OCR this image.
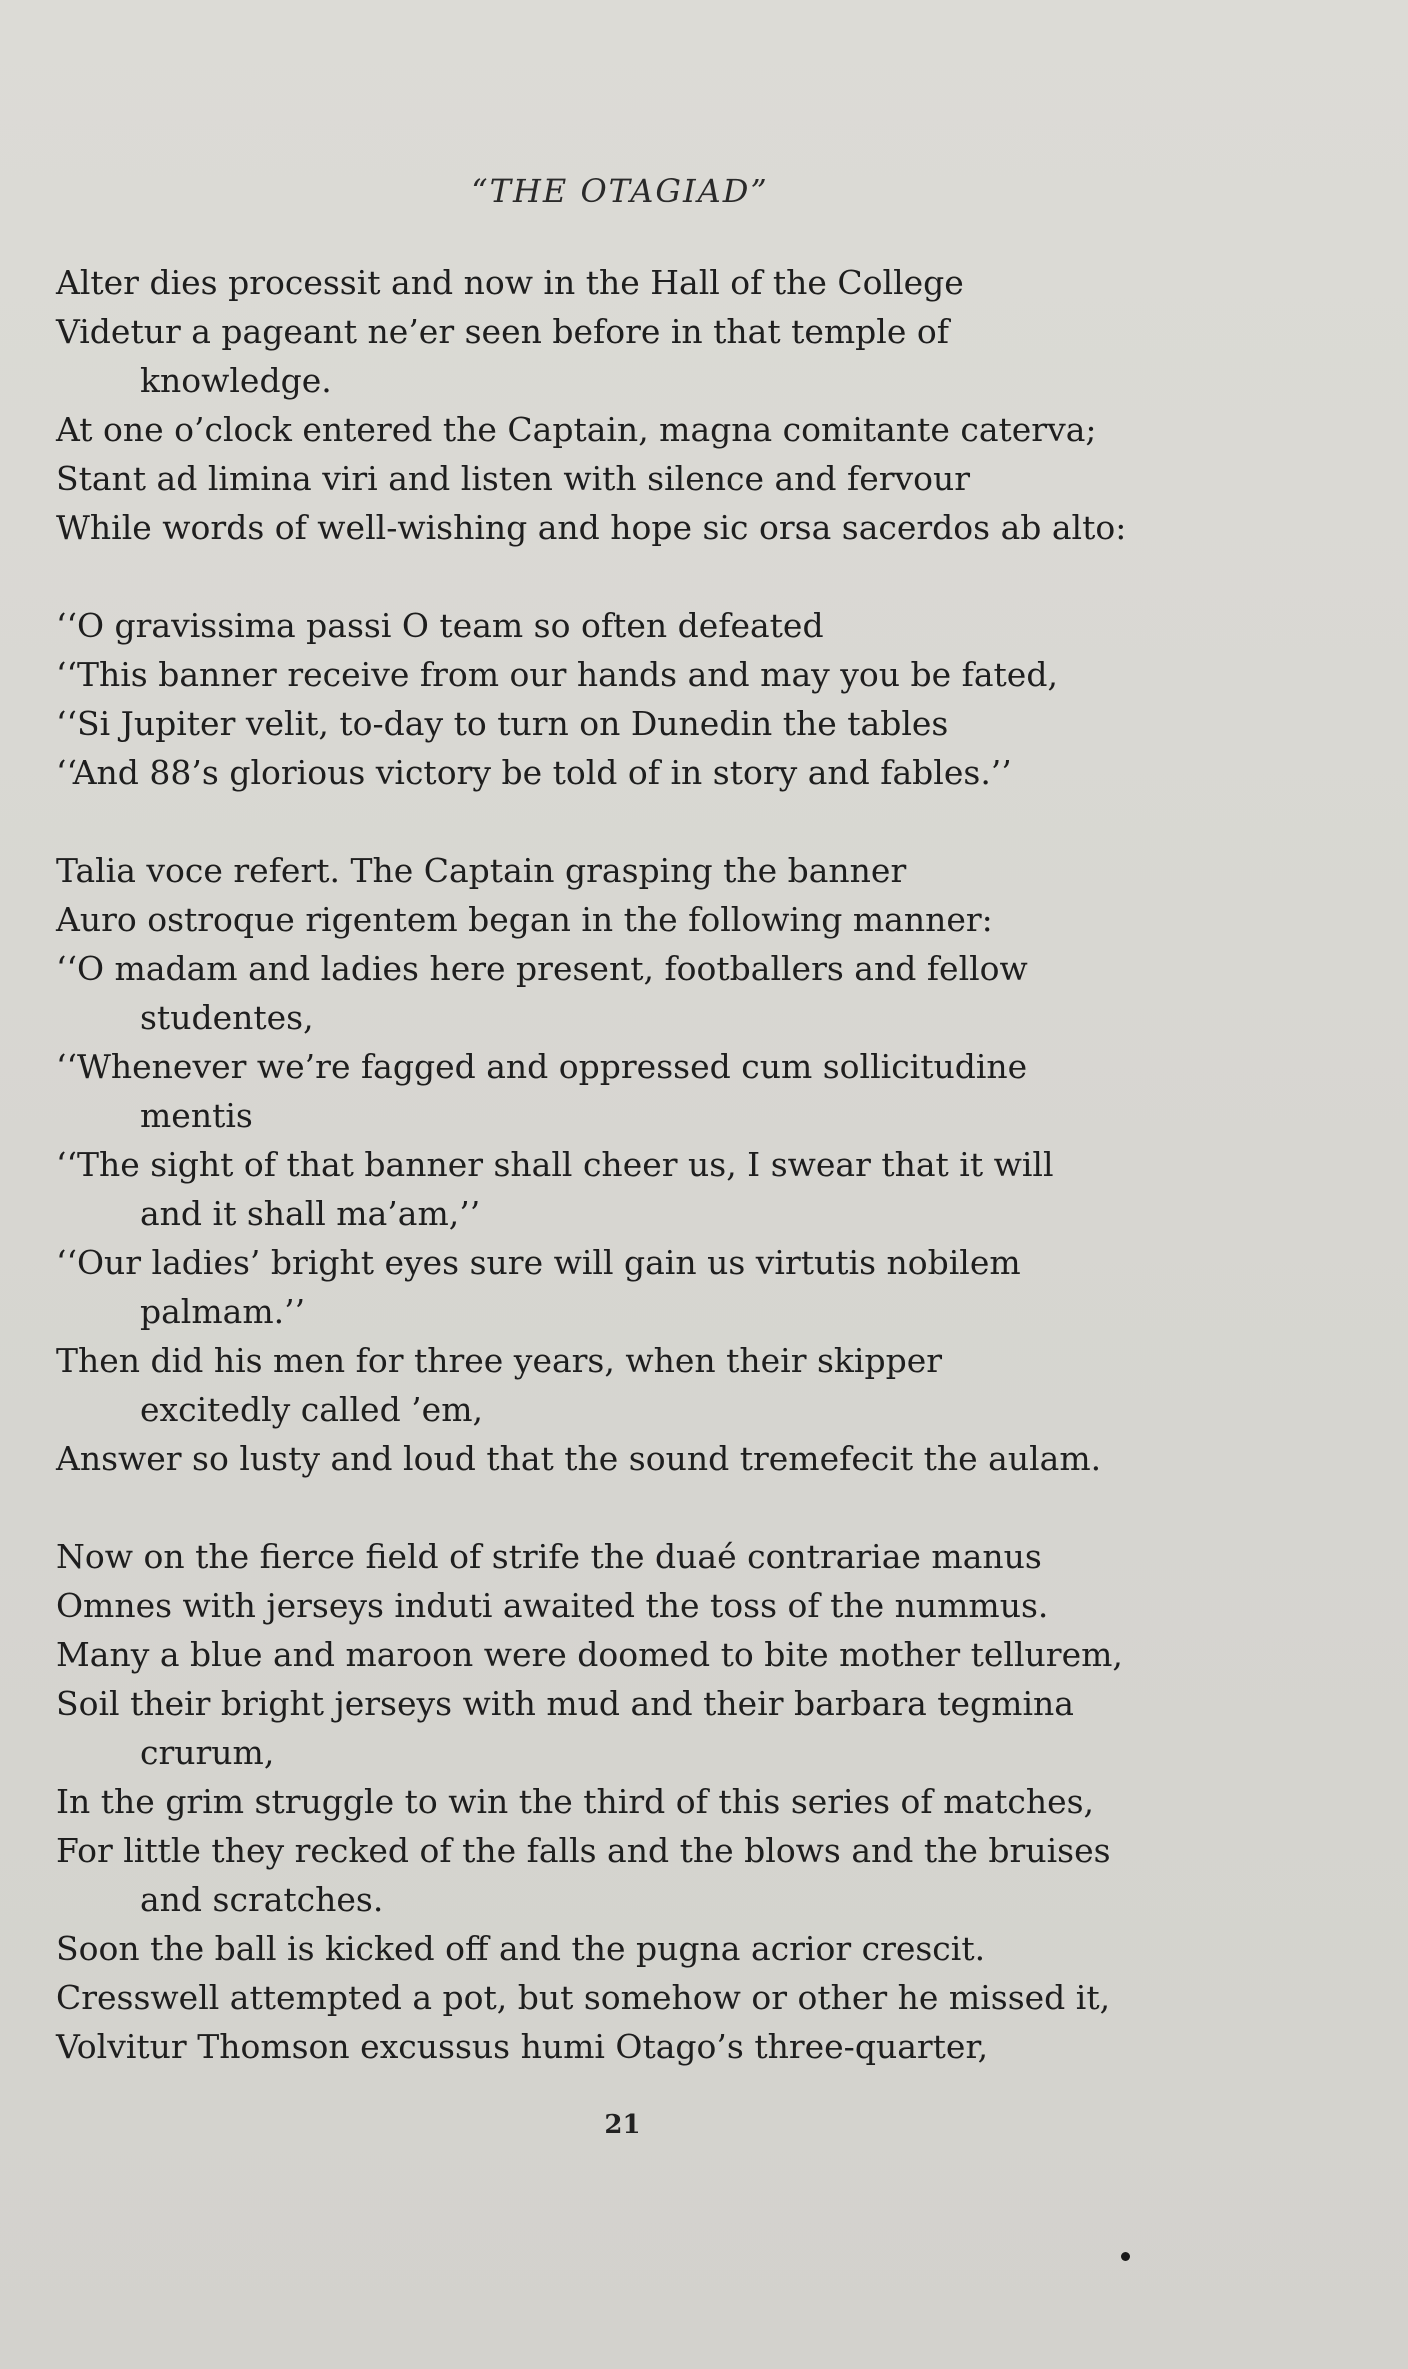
“THE OTAGIAD”
Alter dies processit and now in the Hall of the College
Videtur a pageant ne’er seen before in that temple of
knowledge.
At one o’clock entered the Captain, magna comitante caterva;
Stant ad limina viri and listen with silence and fervour
While words of well-wishing and hope sic orsa sacerdos ab alto:
‘‘O gravissima passi O team so often defeated
‘‘This banner receive from our hands and may you be fated,
‘‘Si Jupiter velit, to-day to turn on Dunedin the tables
‘‘And 88’s glorious victory be told of in story and fables.’’
Talia voce refert. The Captain grasping the banner
Auro ostroque rigentem began in the following manner:
‘‘O madam and ladies here present, footballers and fellow
studentes,
‘‘Whenever we’re fagged and oppressed cum sollicitudine
mentis
‘‘The sight of that banner shall cheer us, I swear that it will
and it shall ma’am,’’
‘‘Our ladies’ bright eyes sure will gain us virtutis nobilem
palmam.’’
Then did his men for three years, when their skipper
excitedly called ’em,
Answer so lusty and loud that the sound tremefecit the aulam.
Now on the fierce field of strife the duaé contrariae manus
Omnes with jerseys induti awaited the toss of the nummus.
Many a blue and maroon were doomed to bite mother tellurem,
Soil their bright jerseys with mud and their barbara tegmina
crurum,
In the grim struggle to win the third of this series of matches,
For little they recked of the falls and the blows and the bruises
and scratches.
Soon the ball is kicked off and the pugna acrior crescit.
Cresswell attempted a pot, but somehow or other he missed it,
Volvitur Thomson excussus humi Otago’s three-quarter,
21
